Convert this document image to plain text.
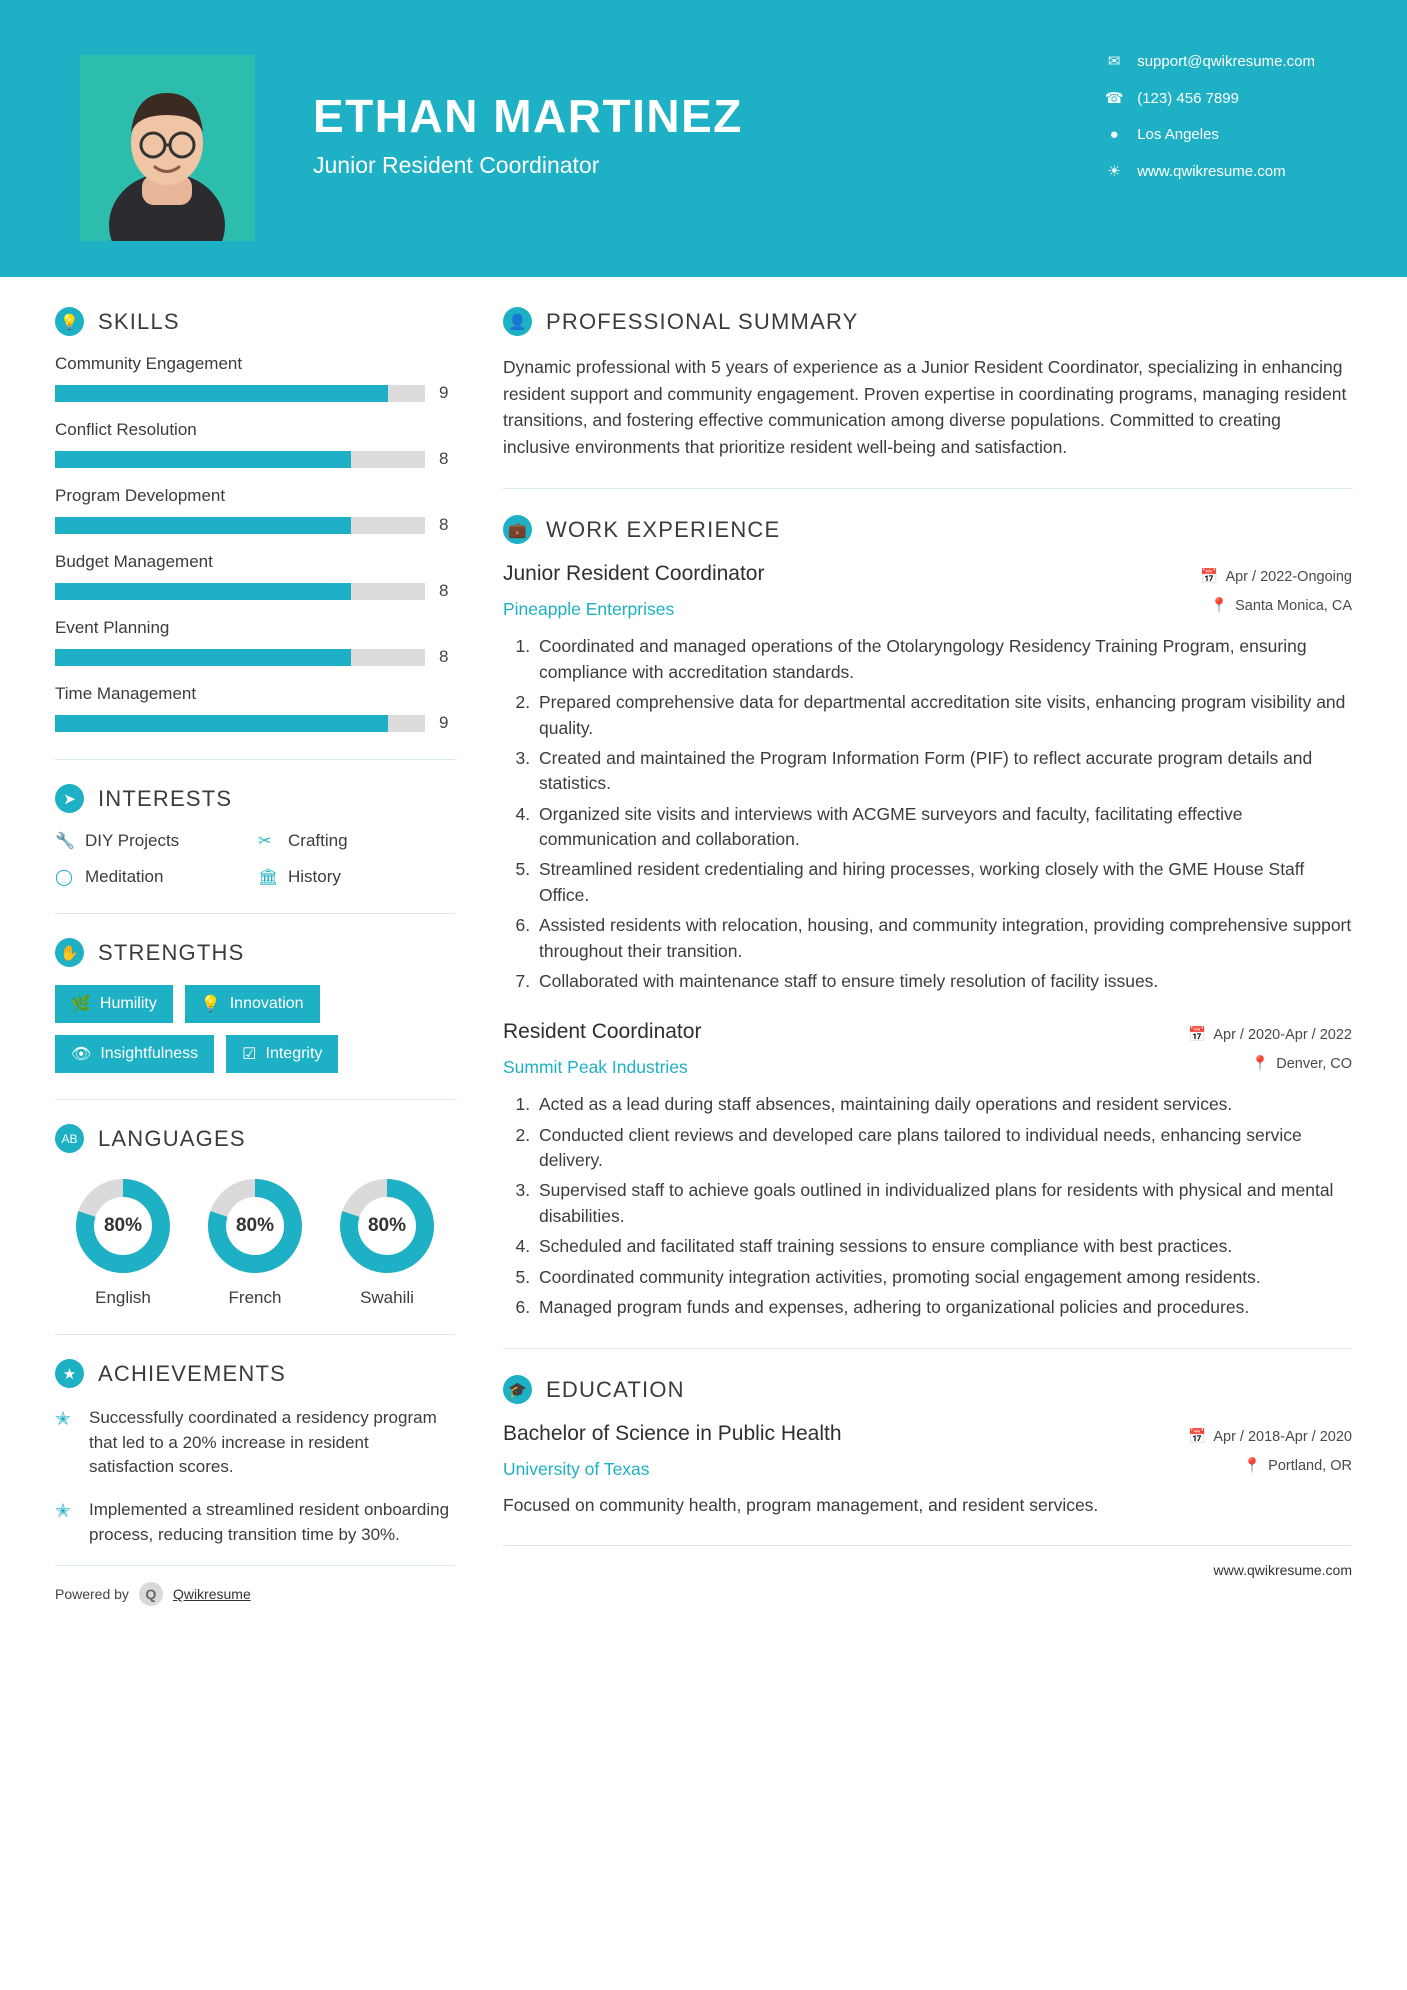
ETHAN MARTINEZ
Junior Resident Coordinator
✉	support@qwikresume.com
☎ (123) 456 7899
●	Los Angeles
☀	www.qwikresume.com
💡 SKILLS
Community Engagement
9
Conflict Resolution
8
Program Development
8
Budget Management
8
Event Planning
8
Time Management
9
➤	INTERESTS
🔧 DIY Projects	✂ Crafting
◯ Meditation	🏛 History
✋ STRENGTHS
🌿 Humility	💡 Innovation
👁 Insightfulness	☑ Integrity
AB LANGUAGES
80%
English
80%
French
80%
Swahili
★ ACHIEVEMENTS
✭	Successfully coordinated a residency program that led to a 20% increase in resident satisfaction scores.
✭	Implemented a streamlined resident onboarding process, reducing transition time by 30%.
Powered by	Q	Qwikresume
👤 PROFESSIONAL SUMMARY
Dynamic professional with 5 years of experience as a Junior Resident Coordinator, specializing in enhancing resident support and community engagement. Proven expertise in coordinating programs, managing resident transitions, and fostering effective communication among diverse populations. Committed to creating inclusive environments that prioritize resident well-being and satisfaction.
💼 WORK EXPERIENCE
Junior Resident Coordinator	📅 Apr / 2022-Ongoing
Pineapple Enterprises	📍 Santa Monica, CA
1. Coordinated and managed operations of the Otolaryngology Residency Training Program, ensuring compliance with accreditation standards.
2. Prepared comprehensive data for departmental accreditation site visits, enhancing program visibility and quality.
3. Created and maintained the Program Information Form (PIF) to reflect accurate program details and statistics.
4. Organized site visits and interviews with ACGME surveyors and faculty, facilitating effective communication and collaboration.
5. Streamlined resident credentialing and hiring processes, working closely with the GME House Staff Office.
6. Assisted residents with relocation, housing, and community integration, providing comprehensive support throughout their transition.
7. Collaborated with maintenance staff to ensure timely resolution of facility issues.
Resident Coordinator	📅 Apr / 2020-Apr / 2022
Summit Peak Industries	📍 Denver, CO
1. Acted as a lead during staff absences, maintaining daily operations and resident services.
2. Conducted client reviews and developed care plans tailored to individual needs, enhancing service delivery.
3. Supervised staff to achieve goals outlined in individualized plans for residents with physical and mental disabilities.
4. Scheduled and facilitated staff training sessions to ensure compliance with best practices.
5. Coordinated community integration activities, promoting social engagement among residents.
6. Managed program funds and expenses, adhering to organizational policies and procedures.
🎓 EDUCATION
Bachelor of Science in Public Health	📅 Apr / 2018-Apr / 2020
University of Texas	📍 Portland, OR
Focused on community health, program management, and resident services.
www.qwikresume.com
